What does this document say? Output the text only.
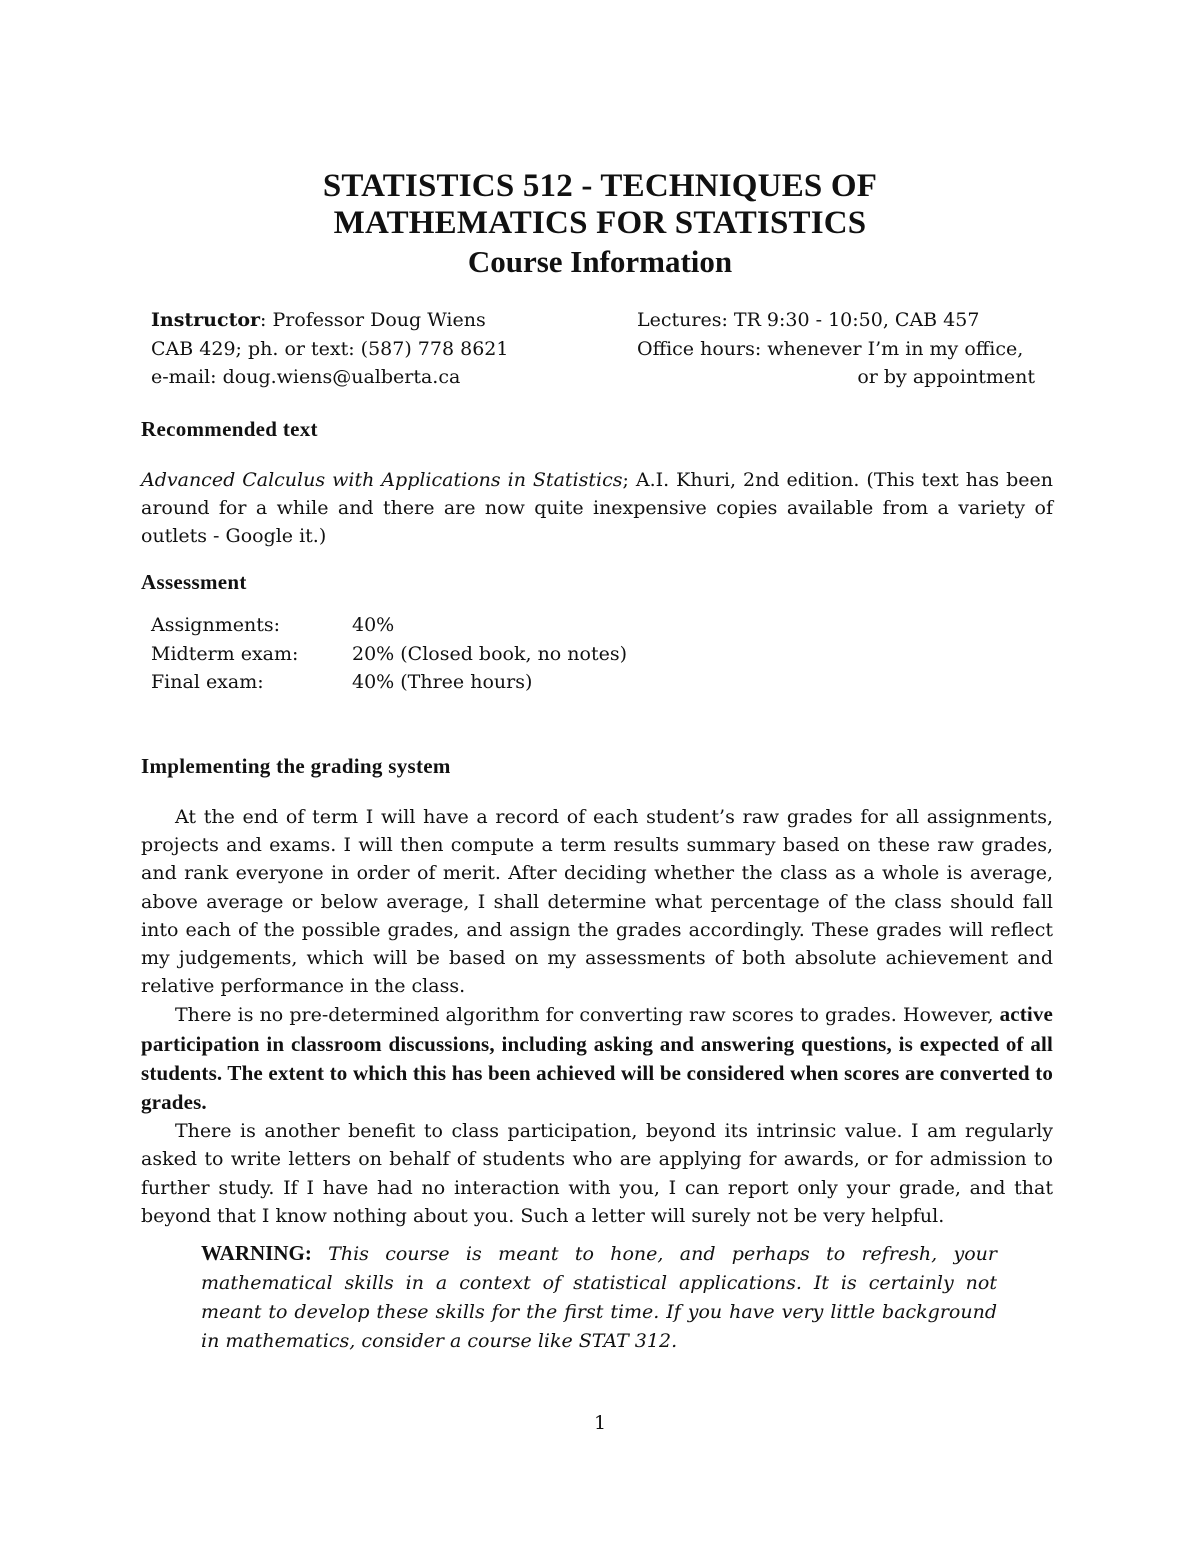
STATISTICS 512 - TECHNIQUES OF
MATHEMATICS FOR STATISTICS
Course Information
Instructor: Professor Doug Wiens
CAB 429; ph. or text: (587) 778 8621
e-mail: doug.wiens@ualberta.ca
Lectures: TR 9:30 - 10:50, CAB 457
Office hours: whenever I’m in my office,
or by appointment
Recommended text

Advanced Calculus with Applications in Statistics; A.I. Khuri, 2nd edition. (This text has been around for a while and there are now quite inexpensive copies available from a variety of outlets - Google it.)

Assessment
Assignments:	40%
Midterm exam:	20% (Closed book, no notes)
Final exam:	40% (Three hours)
Implementing the grading system

At the end of term I will have a record of each student’s raw grades for all assignments, projects and exams. I will then compute a term results summary based on these raw grades, and rank everyone in order of merit. After deciding whether the class as a whole is average, above average or below average, I shall determine what percentage of the class should fall into each of the possible grades, and assign the grades accordingly. These grades will reflect my judgements, which will be based on my assessments of both absolute achievement and relative performance in the class.

There is no pre-determined algorithm for converting raw scores to grades. However, active participation in classroom discussions, including asking and answering questions, is expected of all students. The extent to which this has been achieved will be considered when scores are converted to grades.

There is another benefit to class participation, beyond its intrinsic value. I am regularly asked to write letters on behalf of students who are applying for awards, or for admission to further study. If I have had no interaction with you, I can report only your grade, and that beyond that I know nothing about you. Such a letter will surely not be very helpful.

WARNING: This course is meant to hone, and perhaps to refresh, your mathematical skills in a context of statistical applications. It is certainly not meant to develop these skills for the first time. If you have very little background in mathematics, consider a course like STAT 312.
1
